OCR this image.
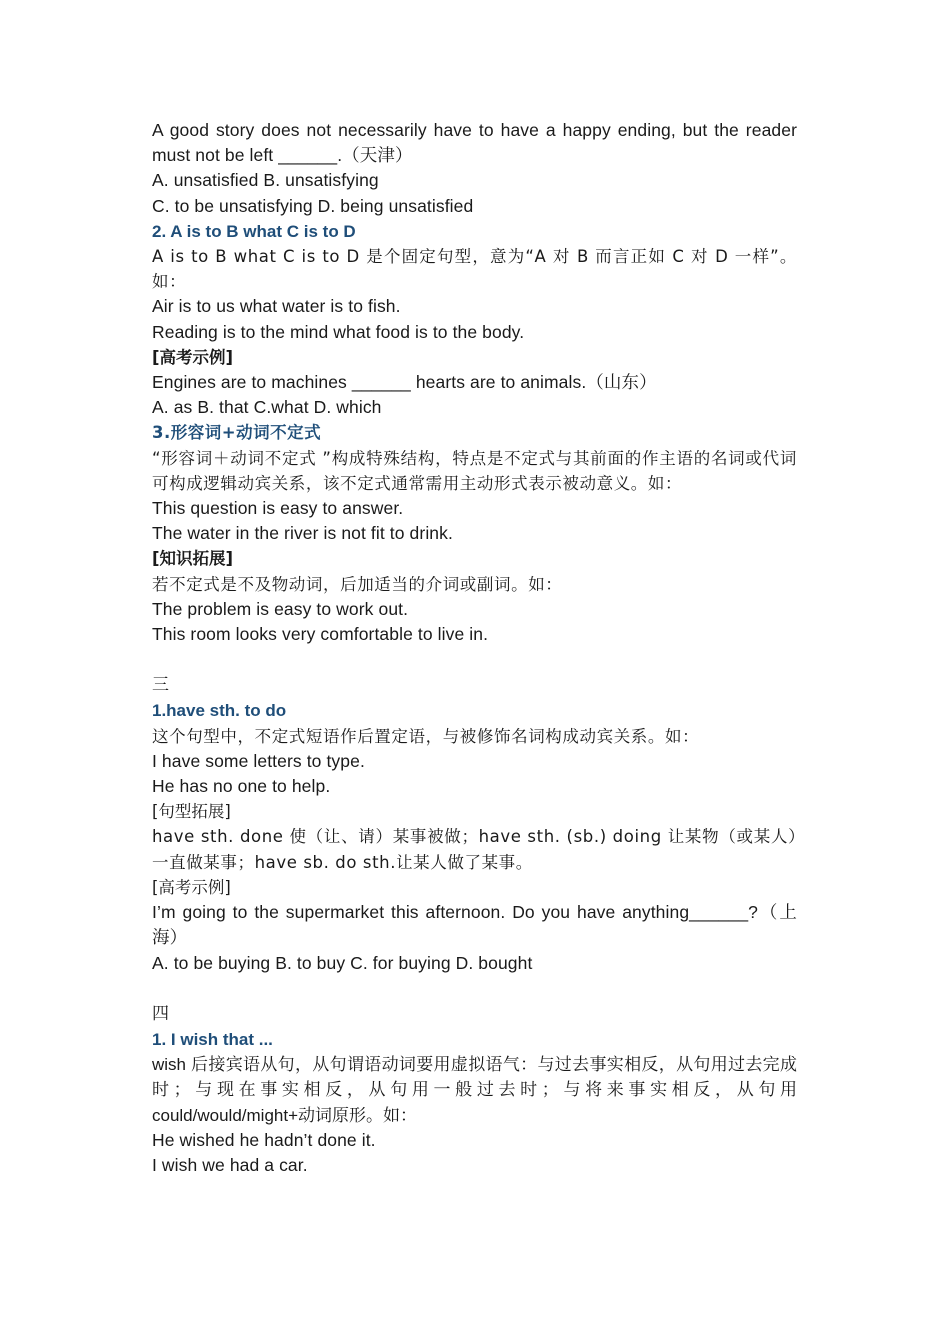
A good story does not necessarily have to have a happy ending, but the reader must not be left ______.（天津）

A. unsatisfied B. unsatisfying

C. to be unsatisfying D. being unsatisfied

2. A is to B what C is to D

A is to B what C is to D 是个固定句型，意为“A 对 B 而言正如 C 对 D 一样”。如：

Air is to us what water is to fish.

Reading is to the mind what food is to the body.

[高考示例]

Engines are to machines ______ hearts are to animals.（山东）

A. as B. that C.what D. which

3.形容词+动词不定式

“形容词＋动词不定式 ”构成特殊结构，特点是不定式与其前面的作主语的名词或代词可构成逻辑动宾关系，该不定式通常需用主动形式表示被动意义。如：

This question is easy to answer.

The water in the river is not fit to drink.

[知识拓展]

若不定式是不及物动词，后加适当的介词或副词。如：

The problem is easy to work out.

This room looks very comfortable to live in.

三

1.have sth. to do

这个句型中，不定式短语作后置定语，与被修饰名词构成动宾关系。如：

I have some letters to type.

He has no one to help.

[句型拓展]

have sth. done 使（让、请）某事被做；have sth. (sb.) doing 让某物（或某人）一直做某事；have sb. do sth.让某人做了某事。

[高考示例]

I’m going to the supermarket this afternoon. Do you have anything______?（上海）

A. to be buying B. to buy C. for buying D. bought

四

1. I wish that ...

wish 后接宾语从句，从句谓语动词要用虚拟语气：与过去事实相反，从句用过去完成时；与现在事实相反，从句用一般过去时；与将来事实相反，从句用 could/would/might+动词原形。如：

He wished he hadn’t done it.

I wish we had a car.
